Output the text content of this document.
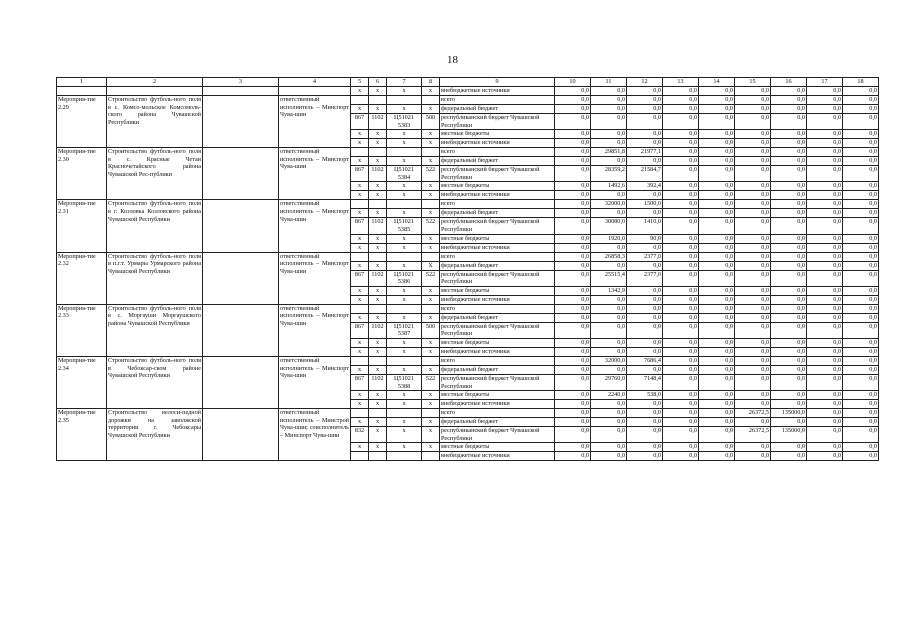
18
1	2	3	4	5	6	7	8	9	10	11	12	13	14	15	16	17	18
				x	x	x	x	внебюджетные источники	0,0	0,0	0,0	0,0	0,0	0,0	0,0	0,0	0,0
Мероприя-тие 2.29	Строительство футболь-ного поля в с. Комсо-мольское Комсомоль-ского района Чувашской Республики		ответственный исполнитель – Минспорт Чува-шии					всего	0,0	0,0	0,0	0,0	0,0	0,0	0,0	0,0	0,0
				x	x	x	x	федеральный бюджет	0,0	0,0	0,0	0,0	0,0	0,0	0,0	0,0	0,0
				867	1102	Ц51021 5383	500	республиканский бюджет Чувашской Республики	0,0	0,0	0,0	0,0	0,0	0,0	0,0	0,0	0,0
				x	x	x	x	местные бюджеты	0,0	0,0	0,0	0,0	0,0	0,0	0,0	0,0	0,0
				x	x	x	x	внебюджетные источники	0,0	0,0	0,0	0,0	0,0	0,0	0,0	0,0	0,0
Мероприя-тие 2.30	Строительство футболь-ного поля в с. Красные Четаи Красночетайского района Чувашской Рес-публики		ответственный исполнитель – Минспорт Чува-шии					всего	0,0	29851,8	21977,1	0,0	0,0	0,0	0,0	0,0	0,0
				x	x	x	x	федеральный бюджет	0,0	0,0	0,0	0,0	0,0	0,0	0,0	0,0	0,0
				867	1102	Ц51021 5384	522	республиканский бюджет Чувашской Республики	0,0	28359,2	21584,7	0,0	0,0	0,0	0,0	0,0	0,0
				x	x	x	x	местные бюджеты	0,0	1492,6	392,4	0,0	0,0	0,0	0,0	0,0	0,0
				x	x	x	x	внебюджетные источники	0,0	0,0	0,0	0,0	0,0	0,0	0,0	0,0	0,0
Мероприя-тие 2.31	Строительство футболь-ного поля в г. Козловка Козловского района Чувашской Республики		ответственный исполнитель – Минспорт Чува-шии					всего	0,0	32000,0	1500,0	0,0	0,0	0,0	0,0	0,0	0,0
				x	x	x	x	федеральный бюджет	0,0	0,0	0,0	0,0	0,0	0,0	0,0	0,0	0,0
				867	1102	Ц51021 5385	522	республиканский бюджет Чувашской Республики	0,0	30080,0	1410,0	0,0	0,0	0,0	0,0	0,0	0,0
				x	x	x	x	местные бюджеты	0,0	1920,0	90,0	0,0	0,0	0,0	0,0	0,0	0,0
				x	x	x	x	внебюджетные источники	0,0	0,0	0,0	0,0	0,0	0,0	0,0	0,0	0,0
Мероприя-тие 2.32	Строительство футболь-ного поля в п.г.т. Урмары Урмарского района Чувашской Республики		ответственный исполнитель – Минспорт Чува-шии					всего	0,0	26858,3	2377,0	0,0	0,0	0,0	0,0	0,0	0,0
				x	x	x	Х	федеральный бюджет	0,0	0,0	0,0	0,0	0,0	0,0	0,0	0,0	0,0
				867	1102	Ц51021 5386	522	республиканский бюджет Чувашской Республики	0,0	25515,4	2377,0	0,0	0,0	0,0	0,0	0,0	0,0
				x	x	x	x	местные бюджеты	0,0	1342,9	0,0	0,0	0,0	0,0	0,0	0,0	0,0
				x	x	x	x	внебюджетные источники	0,0	0,0	0,0	0,0	0,0	0,0	0,0	0,0	0,0
Мероприя-тие 2.33	Строительство футболь-ного поля в с. Моргауши Моргаушского района Чувашской Республики		ответственный исполнитель – Минспорт Чува-шии					всего	0,0	0,0	0,0	0,0	0,0	0,0	0,0	0,0	0,0
				x	x	x	x	федеральный бюджет	0,0	0,0	0,0	0,0	0,0	0,0	0,0	0,0	0,0
				867	1102	Ц51021 5387	500	республиканский бюджет Чувашской Республики	0,0	0,0	0,0	0,0	0,0	0,0	0,0	0,0	0,0
				x	x	x	x	местные бюджеты	0,0	0,0	0,0	0,0	0,0	0,0	0,0	0,0	0,0
				x	x	x	x	внебюджетные источники	0,0	0,0	0,0	0,0	0,0	0,0	0,0	0,0	0,0
Мероприя-тие 2.34	Строительство футболь-ного поля в Чебоксар-ском районе Чувашской Республики		ответственный исполнитель – Минспорт Чува-шии					всего	0,0	32000,0	7686,4	0,0	0,0	0,0	0,0	0,0	0,0
				x	x	x	x	федеральный бюджет	0,0	0,0	0,0	0,0	0,0	0,0	0,0	0,0	0,0
				867	1102	Ц51021 5388	522	республиканский бюджет Чувашской Республики	0,0	29760,0	7148,4	0,0	0,0	0,0	0,0	0,0	0,0
				x	x	x	x	местные бюджеты	0,0	2240,0	538,0	0,0	0,0	0,0	0,0	0,0	0,0
				x	x	x	x	внебюджетные источники	0,0	0,0	0,0	0,0	0,0	0,0	0,0	0,0	0,0
Мероприя-тие 2.35	Строительство велоси-педной дорожки на заволжской территории г. Чебоксары Чувашской Республики		ответственный исполнитель – Минстрой Чува-шии; соисполнитель – Минспорт Чува-шии					всего	0,0	0,0	0,0	0,0	0,0	26372,5	135000,0	0,0	0,0
				x	x	x	x	федеральный бюджет	0,0	0,0	0,0	0,0	0,0	0,0	0,0	0,0	0,0
				832	x	x	x	республиканский бюджет Чувашской Республики	0,0	0,0	0,0	0,0	0,0	26372,5	135000,0	0,0	0,0
				x	x	x	x	местные бюджеты	0,0	0,0	0,0	0,0	0,0	0,0	0,0	0,0	0,0
								внебюджетные источники	0,0	0,0	0,0	0,0	0,0	0,0	0,0	0,0	0,0
